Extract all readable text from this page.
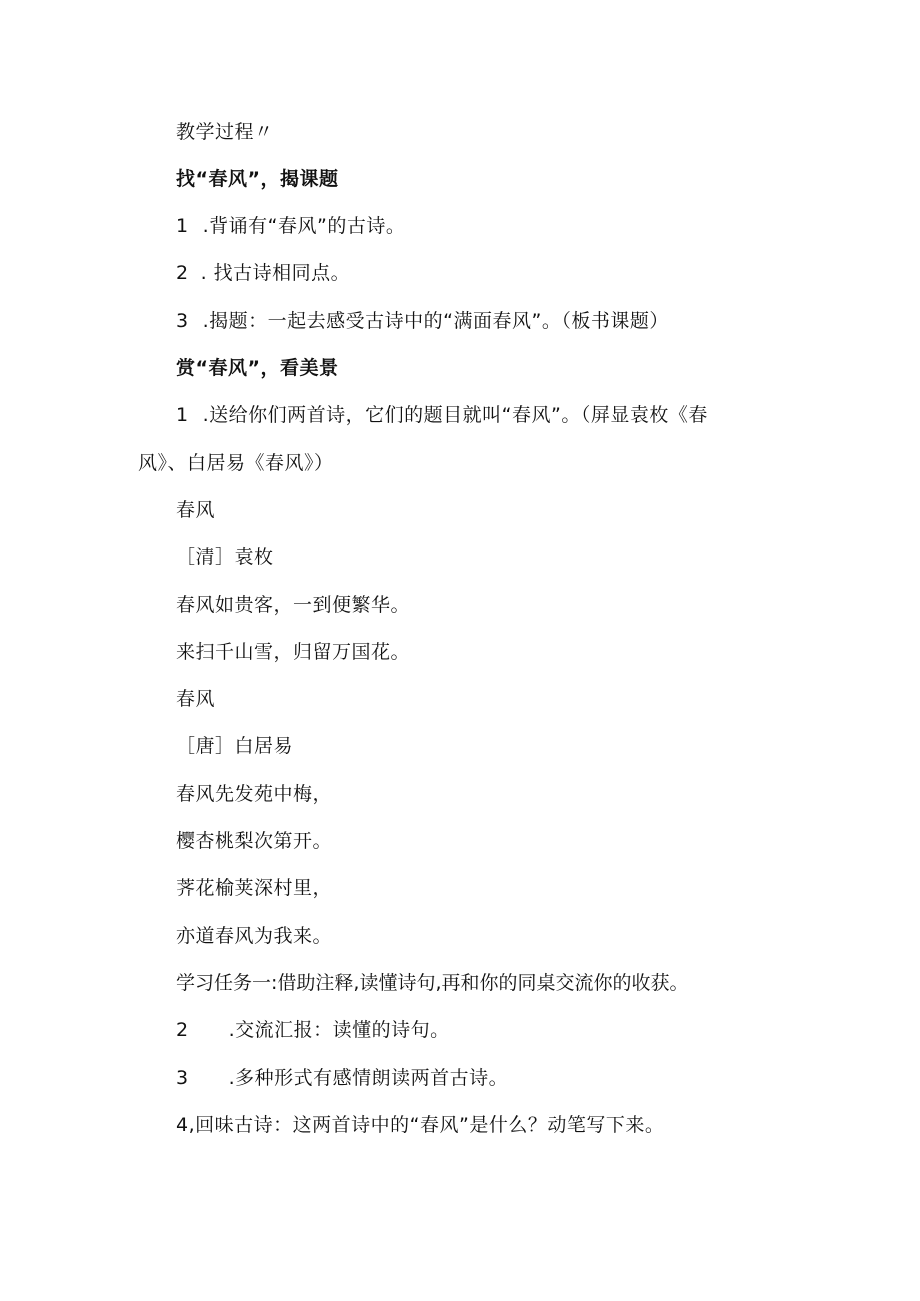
教学过程〃

找“春风”，揭课题

1 .背诵有“春风”的古诗。

2 . 找古诗相同点。

3 .揭题：一起去感受古诗中的“满面春风”。（板书课题）

赏“春风”，看美景

1 .送给你们两首诗，它们的题目就叫“春风”。（屏显袁枚《春

风》、白居易《春风》）

春风

［清］袁枚

春风如贵客，一到便繁华。

来扫千山雪，归留万国花。

春风

［唐］白居易

春风先发苑中梅，

樱杏桃梨次第开。

荠花榆荚深村里，

亦道春风为我来。

学习任务一:借助注释,读懂诗句,再和你的同桌交流你的收获。

2 .交流汇报：读懂的诗句。

3 .多种形式有感情朗读两首古诗。

4,回味古诗：这两首诗中的“春风”是什么？动笔写下来。
